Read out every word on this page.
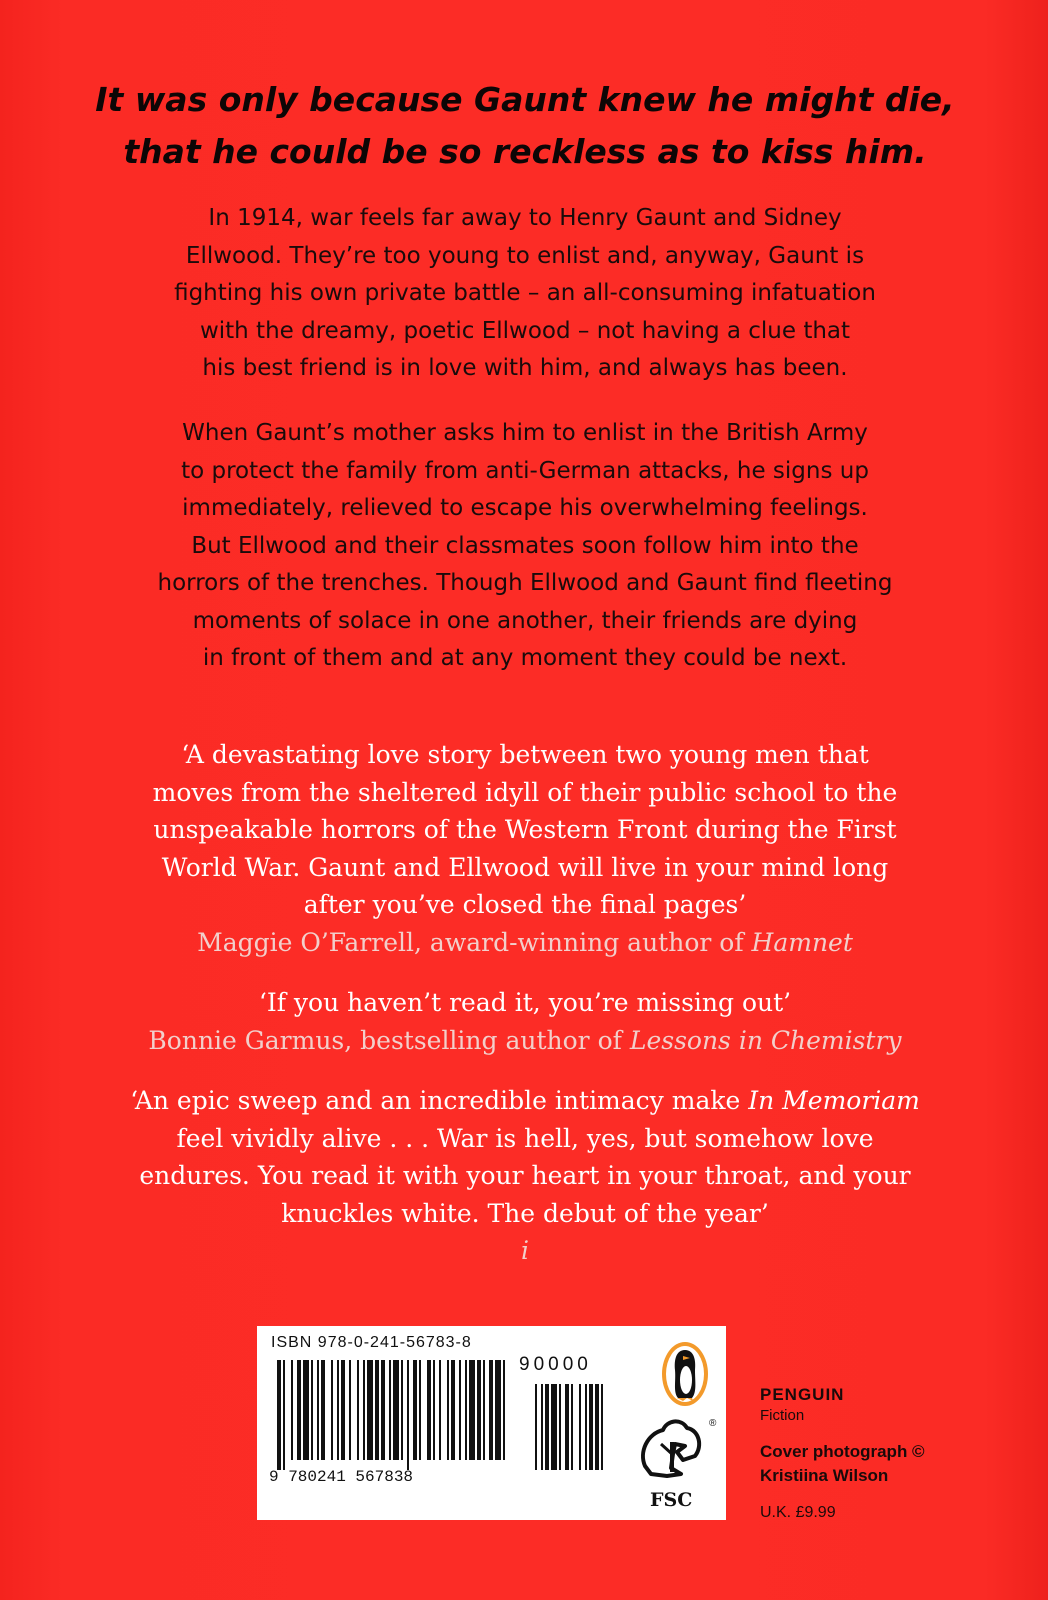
It was only because Gaunt knew he might die,
that he could be so reckless as to kiss him.
In 1914, war feels far away to Henry Gaunt and Sidney
Ellwood. They’re too young to enlist and, anyway, Gaunt is
fighting his own private battle – an all-consuming infatuation
with the dreamy, poetic Ellwood – not having a clue that
his best friend is in love with him, and always has been.
When Gaunt’s mother asks him to enlist in the British Army
to protect the family from anti-German attacks, he signs up
immediately, relieved to escape his overwhelming feelings.
But Ellwood and their classmates soon follow him into the
horrors of the trenches. Though Ellwood and Gaunt find fleeting
moments of solace in one another, their friends are dying
in front of them and at any moment they could be next.
‘A devastating love story between two young men that
moves from the sheltered idyll of their public school to the
unspeakable horrors of the Western Front during the First
World War. Gaunt and Ellwood will live in your mind long
after you’ve closed the final pages’
Maggie O’Farrell, award-winning author of Hamnet
‘If you haven’t read it, you’re missing out’
Bonnie Garmus, bestselling author of Lessons in Chemistry
‘An epic sweep and an incredible intimacy make In Memoriam
feel vividly alive . . . War is hell, yes, but somehow love
endures. You read it with your heart in your throat, and your
knuckles white. The debut of the year’
i
ISBN 978-0-241-56783-8
90000
9 780241 567838
®
FSC
PENGUIN
Fiction
Cover photograph ©
Kristiina Wilson
U.K. £9.99
